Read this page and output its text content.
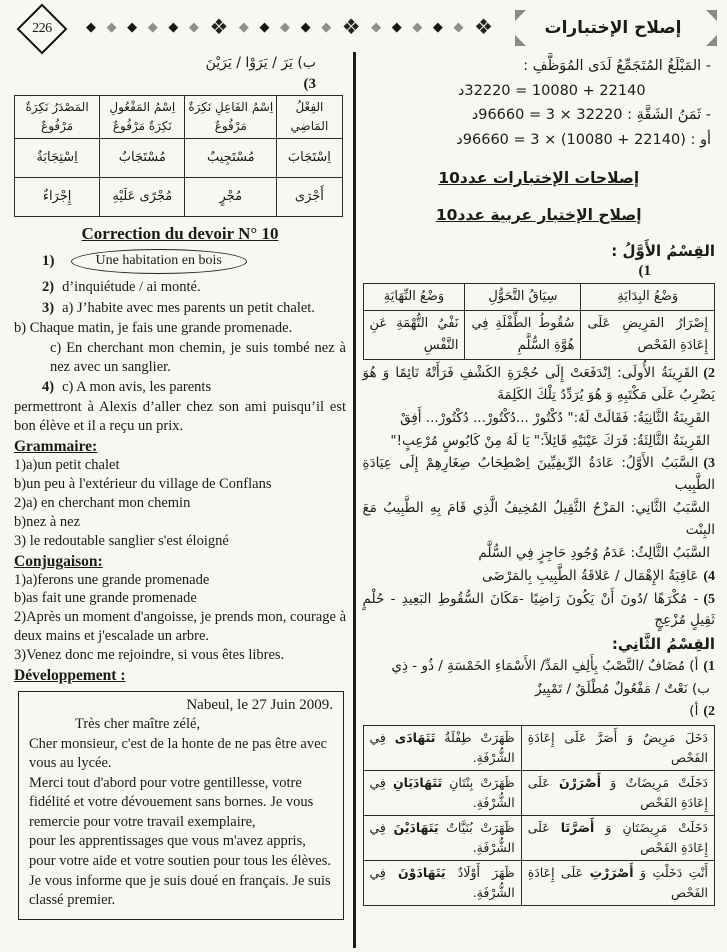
226 ◆ ◆ ◆ ◆ ◆ ◆ ❖ ◆ ◆ ◆ ◆ ◆ ❖ ◆ ◆ ◆ ◆ ◆ ❖	إصلاح الإختبارات

ب) يَرَ / يَرَوْا / يَرَيْنَ

(3

الفِعْلُ المَاضِي	اِسْمُ الفَاعِلِ نَكِرَةٌ مَرْفُوعٌ	اِسْمُ المَفْعُولِ نَكِرَةٌ مَرْفُوعٌ	المَصْدَرُ نَكِرَةٌ مَرْفُوعٌ
اِسْتَجَابَ	مُسْتَجِيبٌ	مُسْتَجَابٌ	اِسْتِجَابَةٌ
أَجْرَى	مُجْرٍ	مُجْرًى عَلَيْهِ	إِجْرَاءٌ
Correction du devoir N° 10
1)	Une habitation en bois

2) d’inquiétude / ai monté.

3) a) J’habite avec mes parents un petit chalet.

b) Chaque matin, je fais une grande promenade.

c) En cherchant mon chemin, je suis tombé nez à nez avec un sanglier.

4) c) A mon avis, les parents

permettront à Alexis d’aller chez son ami puisqu’il est bon élève et il a reçu un prix.

Grammaire:

1)a)un petit chalet

b)un peu à l'extérieur du village de Conflans

2)a) en cherchant mon chemin

b)nez à nez

3) le redoutable sanglier s'est éloigné

Conjugaison:

1)a)ferons une grande promenade

b)as fait une grande promenade

2)Après un moment d'angoisse, je prends mon, courage à deux mains et j'escalade un arbre.

3)Venez donc me rejoindre, si vous êtes libres.

Développement :

Nabeul, le 27 Juin 2009.

Très cher maître zélé,

Cher monsieur, c'est de la honte de ne pas être avec vous au lycée.

Merci tout d'abord pour votre gentillesse, votre fidélité et votre dévouement sans bornes. Je vous remercie pour votre travail exemplaire,

pour les apprentissages que vous m'avez appris, pour votre aide et votre soutien pour tous les élèves.

Je vous informe que je suis doué en français. Je suis classé premier.

- المَبْلَغُ المُتَجَمِّعُ لَدَى المُوَظَّفِ :

22140 + 10080 = 32220د

- ثَمَنُ الشَقَّةِ : 32220 × 3 = 96660د

أو : (22140 + 10080) × 3 = 96660د

إصلاحات الإختبارات عدد10
إصلاح الإختبار عربية عدد10

القِسْمُ الأَوَّلُ :

(1

وَضْعُ البِدَايَةِ	سِيَاقُ التَّحَوُّلِ	وَضْعُ النِّهَايَةِ
إِصْرَارُ المَرِيضِ عَلَى إِعَادَةِ الفَحْص	سُقُوطُ الطِّفْلَةِ فِي هُوَّةِ السُّلَّمِ	نَفْيُ التُّهْمَةِ عَنِ النَّفْسِ

(2القَرِينَةُ الأُولَى: اِنْدَفَعَتْ إِلَى حُجْرَةِ الكَشْفِ فَرَأَتْهُ نَائِمًا وَ هُوَ يَضْرِبُ عَلَى مَكْتَبِهِ وَ هُوَ يُرَدِّدُ تِلْكَ الكَلِمَةَ

القَرِينَةُ الثَّانِيَةُ: فَقَالَتْ لَهُ:" دُكْتُورْ ...دُكْتُورْ... دُكْتُورْ... أَفِقْ

القَرِينَةُ الثَّالِثَةُ: فَرَكَ عَيْنَيْهِ قَائِلاً:" يَا لَهُ مِنْ كَابُوسٍ مُرْعِبٍ!"

(3السَّبَبُ الأَوَّلُ: عَادَةُ الرِّيفِيِّينَ اِصْطِحَابُ صِغَارِهِمْ إِلَى عِيَادَةِ الطَّبِيب

السَّبَبُ الثَّانِي: المَزْحُ الثَّقِيلُ المُخِيفُ الَّذِي قَامَ بِهِ الطَّبِيبُ مَعَ البِنْت

السَّبَبُ الثَّالِثُ: عَدَمُ وُجُودِ حَاجِزٍ فِي السُّلَّم

(4عَاقِبَةُ الإِهْمَال / عَلاقَةُ الطَّبِيبِ بِالمَرْضَى

(5- مُكْرَهًا /دُونَ أَنْ يَكُونَ رَاضِيًا -مَكَانَ السُّقُوطِ البَعِيدِ - حُلْمٍ ثَقِيلٍ مُزْعِجٍ

القِسْمُ الثَّانِي:

(1أ) مُضَافٌ /النَّصْبُ بِأَلِفِ المَدِّ/ الأَسْمَاءِ الخَمْسَةِ / ذُو - ذِي

ب) نَعْتٌ / مَفْعُولٌ مُطْلَقٌ / تَمْيِيزٌ

(2أ)

دَخَلَ مَرِيضٌ وَ أَصَرَّ عَلَى إِعَادَةِ الفَحْص	ظَهَرَتْ طِفْلَةٌ تَتَهَادَى فِي الشُّرْفَةِ.
دَخَلَتْ مَرِيضَاتٌ وَ أَصْرَرْنَ عَلَى إِعَادَةِ الفَحْص	ظَهَرَتْ بِنْتَانِ تَتَهَادَيَانِ فِي الشُّرْفَةِ.
دَخَلَتْ مَرِيضَتَانِ وَ أَصَرَّتَا عَلَى إِعَادَةِ الفَحْص	ظَهَرَتْ بُنَيَّاتٌ يَتَهَادَيْنَ فِي الشُّرْفَةِ.
أَنْتِ دَخَلْتِ وَ أَصْرَرْتِ عَلَى إِعَادَةِ الفَحْص	ظَهَرَ أَوْلَادٌ يَتَهَادَوْنَ فِي الشُّرْفَةِ.
